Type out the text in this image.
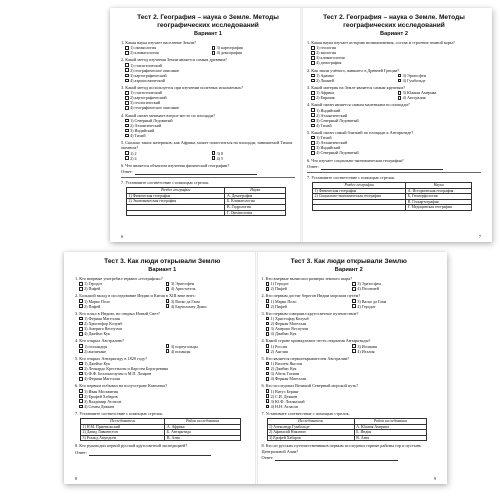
Тест 2. География – наука о Земле. Методы географических исследований
Вариант 1
1. Какая наука изучает население Земли?
1) океанология	3) картография
2) климатология	4) демография
2. Какой метод изучения Земли является самым древним?
1) статистический
2) географическое описание
3) картографический
4) аэрокосмический
3. Какой метод используется при изучении полезных ископаемых?
1) статистический
2) картографический
3) геологический
4) географическое описание
4. Какой океан занимает второе место по площади?
1) Северный Ледовитый
2) Атлантический
3) Индийский
4) Тихий
5. Сколько таких материков, как Африка, может поместиться на площади, занимаемой Тихим океаном?
1) 2	3) 8
2) 4	4) 5
6. Что является объектом изучения физической географии?
Ответ:
7. Установите соответствие с помощью стрелок.
Раздел географии	Наука
1) Физическая география	А. Демография
2) Экономическая география	Б. Климатология
	В. Гидрология
	Г. Океанология
6
Тест 2. География – наука о Земле. Методы географических исследований
Вариант 2
1. Какая наука изучает историю возникновения, состав и строение земной коры?
1) геология
2) экология
3) климатология
4) демография
2. Как звали учёного, жившего в Древней Греции?
1) Арамко	3) Эратосфен
2) Линней	4) Гумбольдт
3. Какой материк на Земле является самым крупным?
1) Африка	3) Южная Америка
2) Евразия	4) Австралия
4. Какой океан является самым маленьким по площади?
1) Индийский
2) Атлантический
3) Северный Ледовитый
4) Тихий
5. Какой океан самый близкий по площади к Антарктиде?
1) Тихий
2) Атлантический
3) Индийский
4) Северный Ледовитый
6. Что изучает социально-экономическая география?
Ответ:
7. Установите соответствие с помощью стрелок.
Раздел географии	Наука
1) Физическая география	А. Историческая география
2) Социально-экономическая география	Б. Геоморфология
	В. Геокартография
	Г. Медицинская география
7
Тест 3. Как люди открывали Землю
Вариант 1
1. Кто впервые употребил термин «география»?
1) Геродот	3) Эратосфен
2) Пифей	4) Аристотель
2. Большой вклад в исследование Индии и Китая в XIII веке внес:
1) Марко Поло	3) Васко да Гама
2) Пифей	4) Бартоломеу Диаш
3. Кто плыл в Индию, но открыл Новый Свет?
1) Фернан Магеллан
2) Христофор Колумб
3) Америго Веспуччи
4) Джеймс Кук
4. Кто открыл Австралию?
1) голландцы	3) португальцы
2) англичане	4) испанцы
5. Кто открыл Антарктиду в 1820 году?
1) Джеймс Кук
2) Леонардо Крестенсен и Карстен Борхгревинк
3) Ф.Ф. Беллинсгаузен и М.П. Лазарев
4) Фернан Магеллан
6. Кто первым побывал на полуострове Камчатка?
1) Иван Москвитин
2) Ерофей Хабаров
3) Владимир Атласов
4) Семен Дежнев
7. Установите соответствие с помощью стрелок.
Исследователь	Район исследования
1) Н.М. Пржевальский	А. Африка
2) Давид Ливингстон	Б. Антарктида
3) Роальд Амундсен	В. Азия
8. Кто руководил первой русской кругосветной экспедицией?
Ответ:
8
Тест 3. Как люди открывали Землю
Вариант 2
1. Кто впервые вычислил размеры земного шара?
1) Геродот	3) Эратосфен
2) Пифей	4) Птолемей
2. Кто первым достиг берегов Индии морским путём?
1) Марко Поло	3) Васко да Гама
2) Пифей	4) Геродот
3. Кто первым совершил кругосветное путешествие?
1) Христофор Колумб
2) Фернан Магеллан
3) Америго Веспуччи
4) Джеймс Кук
4. Какой стране принадлежит честь открытия Антарктиды?
1) Россия	3) Испания
2) Англия	4) Италия
5. Кто является первооткрывателем Австралии?
1) Виллем Янсзон
2) Джеймс Кук
3) Абель Тасман
4) Фернан Магеллан
6. Кто исследовал Великий Северный морской путь?
1) Витус Беринг
2) С.И. Дежнев
3) Ю.Ф. Лисянский
4) Н.Н. Атласов
7. Установите соответствие с помощью стрелок.
Исследователь	Район исследования
1) Александр Гумбольдт	А. Южная Америка
2) Афанасий Никитин	Б. Индия
3) Ерофей Хабаров	В. Азия
8. Кто из русских путешественников первым исследовал горные районы гор и пустынь Центральной Азии?
Ответ:
9
